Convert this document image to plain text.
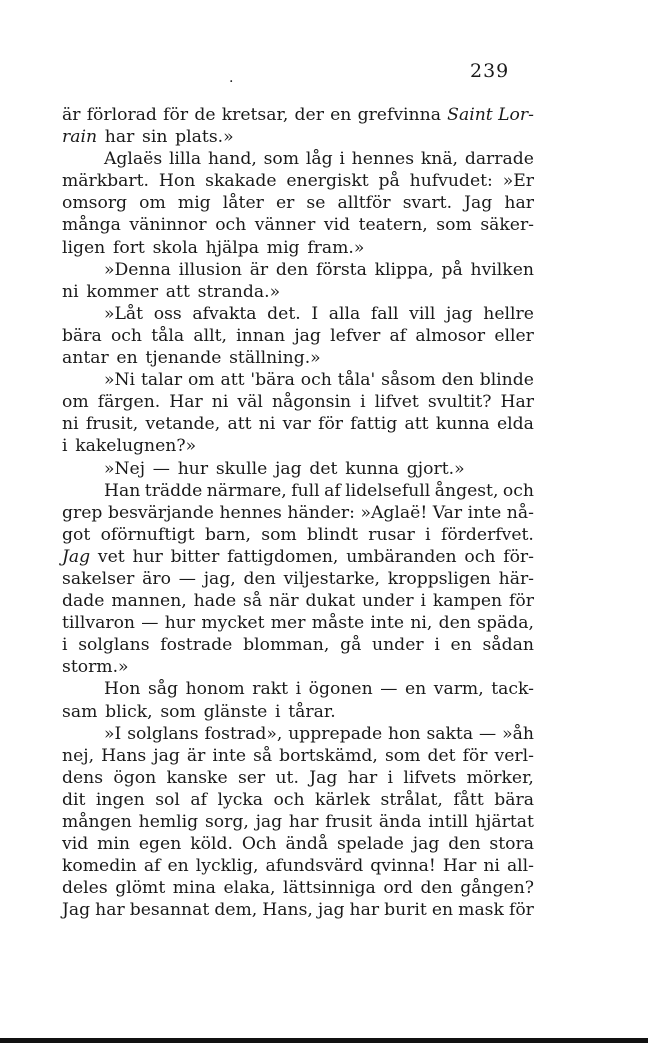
239
.
är förlorad för de kretsar, der en grefvinna Saint Lor-
rain har sin plats.»
Aglaës lilla hand, som låg i hennes knä, darrade
märkbart. Hon skakade energiskt på hufvudet: »Er
omsorg om mig låter er se alltför svart. Jag har
många väninnor och vänner vid teatern, som säker-
ligen fort skola hjälpa mig fram.»
»Denna illusion är den första klippa, på hvilken
ni kommer att stranda.»
»Låt oss afvakta det. I alla fall vill jag hellre
bära och tåla allt, innan jag lefver af almosor eller
antar en tjenande ställning.»
»Ni talar om att 'bära och tåla' såsom den blinde
om färgen. Har ni väl någonsin i lifvet svultit? Har
ni frusit, vetande, att ni var för fattig att kunna elda
i kakelugnen?»
»Nej — hur skulle jag det kunna gjort.»
Han trädde närmare, full af lidelsefull ångest, och
grep besvärjande hennes händer: »Aglaë! Var inte nå-
got oförnuftigt barn, som blindt rusar i förderfvet.
Jag vet hur bitter fattigdomen, umbäranden och för-
sakelser äro — jag, den viljestarke, kroppsligen här-
dade mannen, hade så när dukat under i kampen för
tillvaron — hur mycket mer måste inte ni, den späda,
i solglans fostrade blomman, gå under i en sådan
storm.»
Hon såg honom rakt i ögonen — en varm, tack-
sam blick, som glänste i tårar.
»I solglans fostrad», upprepade hon sakta — »åh
nej, Hans jag är inte så bortskämd, som det för verl-
dens ögon kanske ser ut. Jag har i lifvets mörker,
dit ingen sol af lycka och kärlek strålat, fått bära
mången hemlig sorg, jag har frusit ända intill hjärtat
vid min egen köld. Och ändå spelade jag den stora
komedin af en lycklig, afundsvärd qvinna! Har ni all-
deles glömt mina elaka, lättsinniga ord den gången?
Jag har besannat dem, Hans, jag har burit en mask för
